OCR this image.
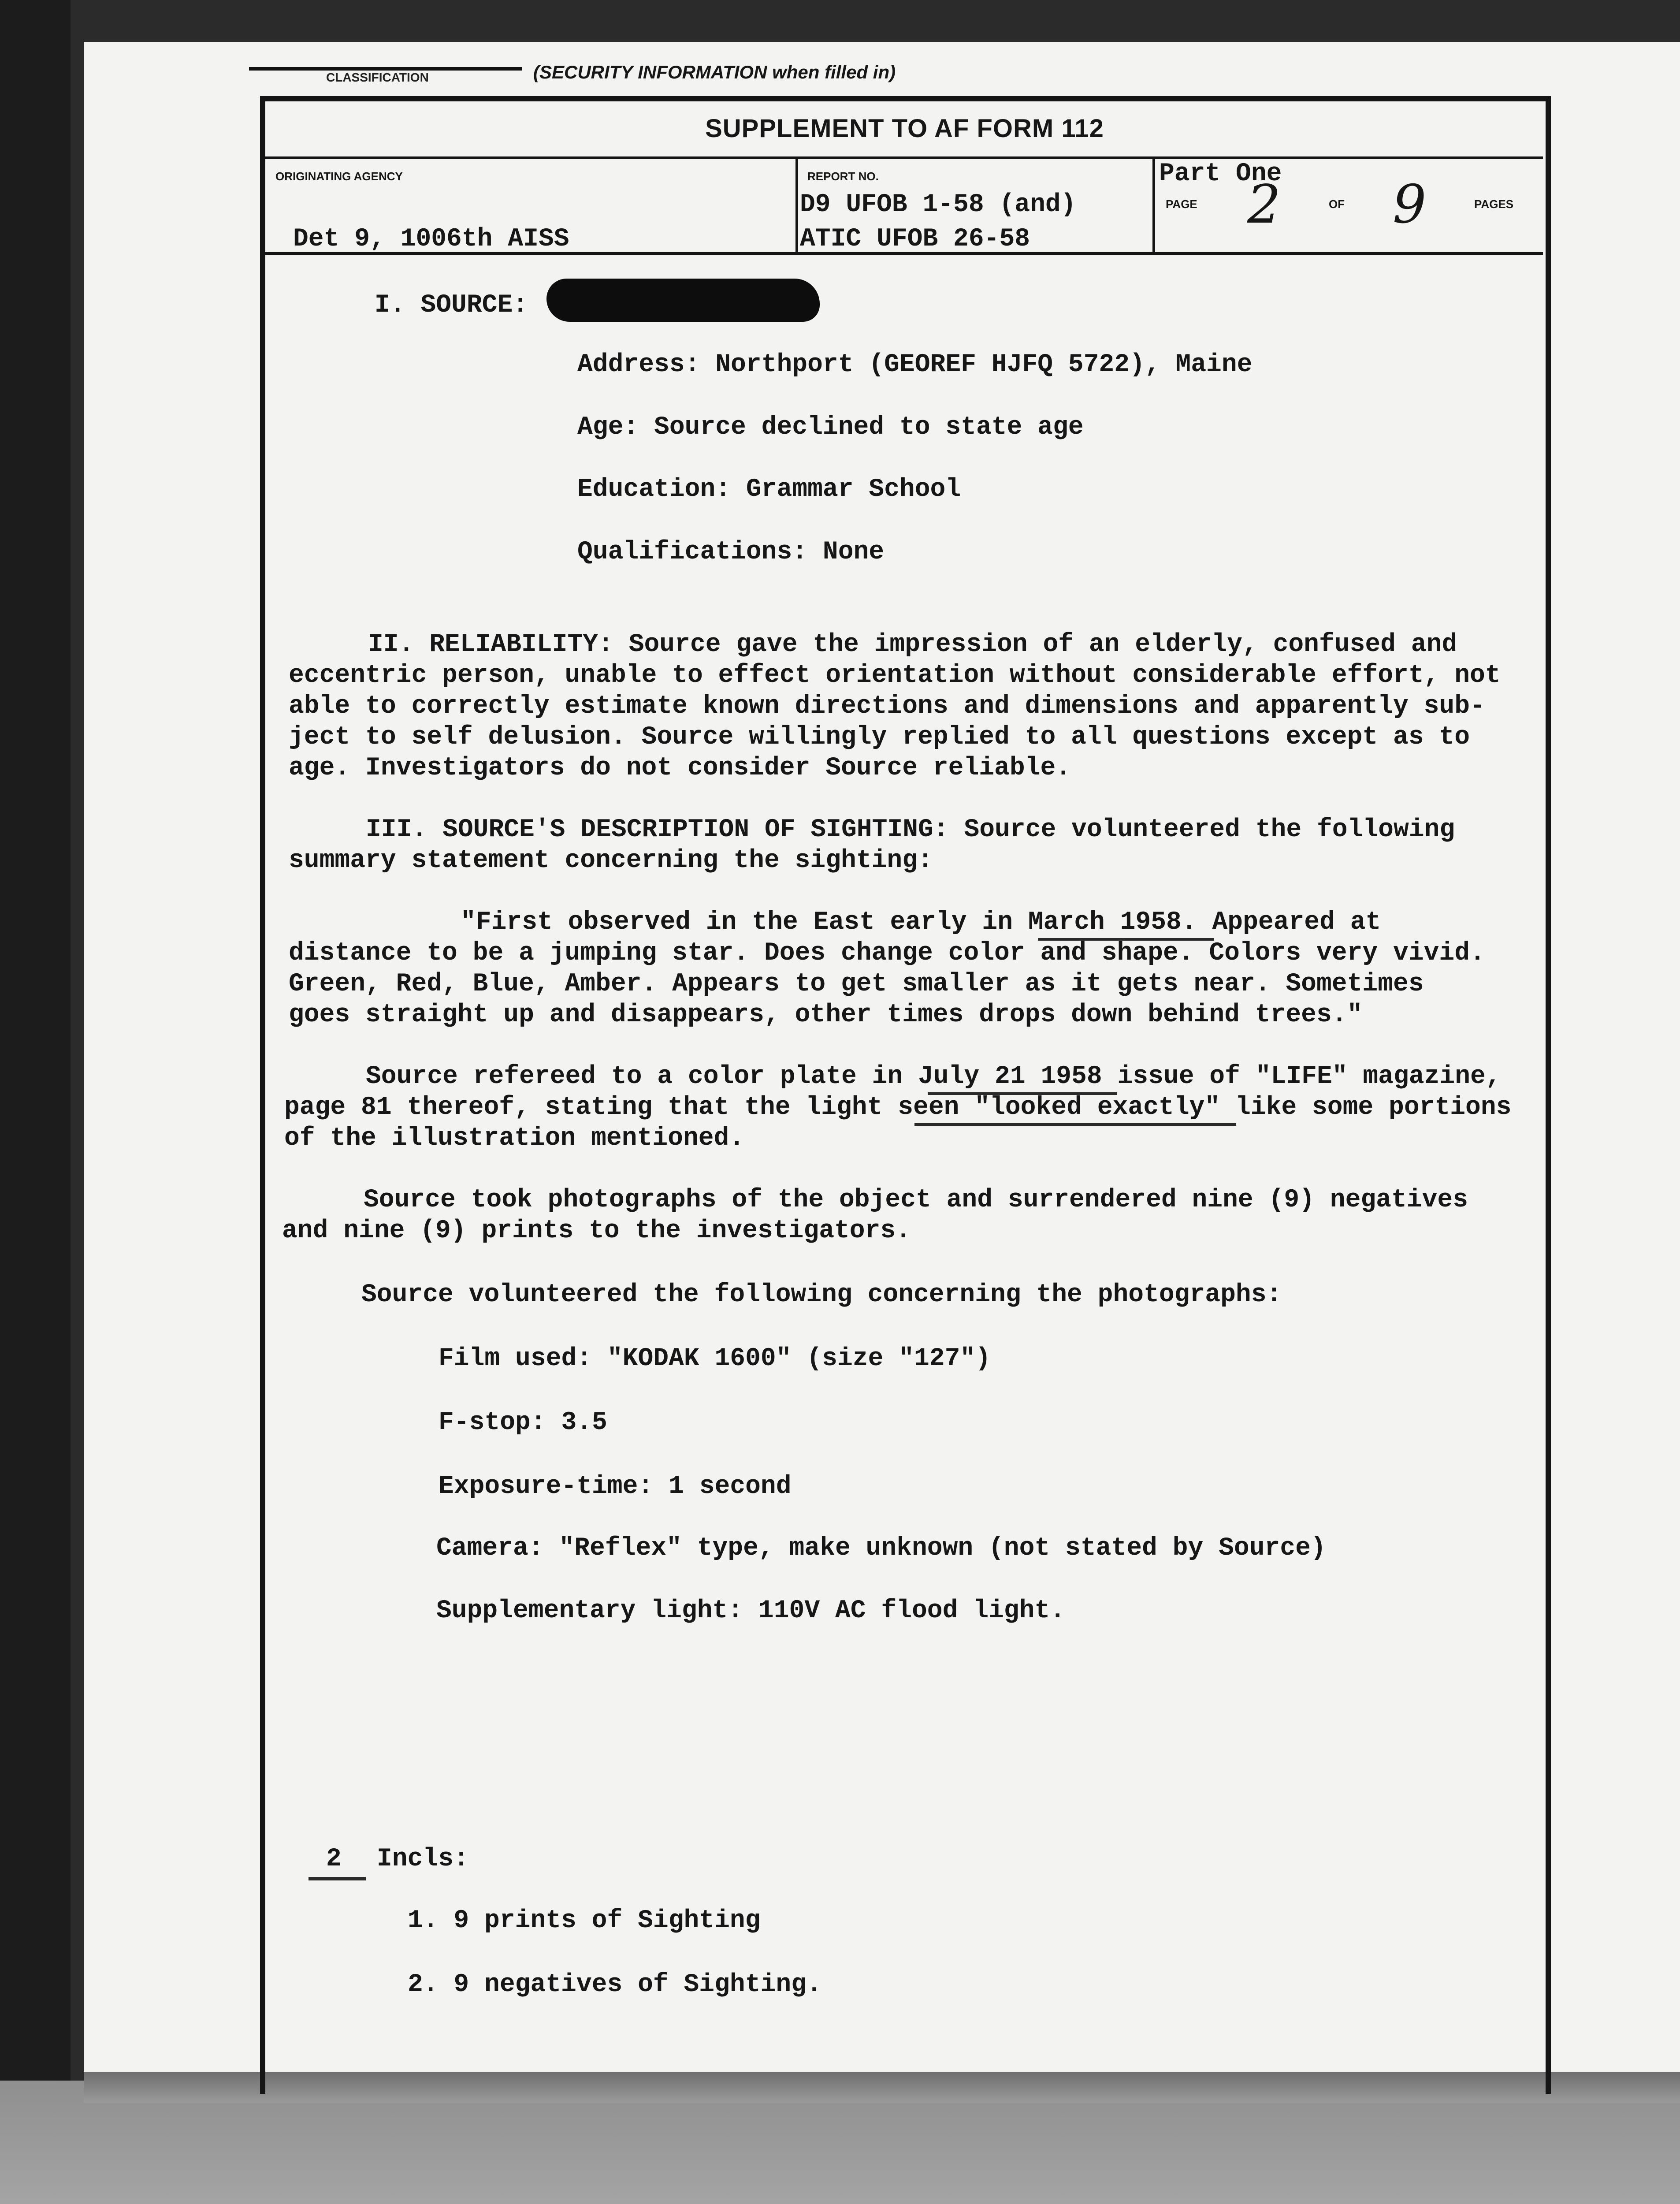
CLASSIFICATION	(SECURITY INFORMATION when filled in)
SUPPLEMENT TO AF FORM 112
ORIGINATING AGENCY
Det 9, 1006th AISS
REPORT NO.
D9 UFOB 1-58 (and)
ATIC UFOB 26-58
Part One
PAGE 2	OF 9	PAGES
I. SOURCE:
Address: Northport (GEOREF HJFQ 5722), Maine
Age: Source declined to state age
Education: Grammar School
Qualifications: None
II. RELIABILITY: Source gave the impression of an elderly, confused and
eccentric person, unable to effect orientation without considerable effort, not
able to correctly estimate known directions and dimensions and apparently sub-
ject to self delusion. Source willingly replied to all questions except as to
age. Investigators do not consider Source reliable.
III. SOURCE'S DESCRIPTION OF SIGHTING: Source volunteered the following
summary statement concerning the sighting:
"First observed in the East early in March 1958. Appeared at
distance to be a jumping star. Does change color and shape. Colors very vivid.
Green, Red, Blue, Amber. Appears to get smaller as it gets near. Sometimes
goes straight up and disappears, other times drops down behind trees."
Source refereed to a color plate in July 21 1958 issue of "LIFE" magazine,
page 81 thereof, stating that the light seen "looked exactly" like some portions
of the illustration mentioned.
Source took photographs of the object and surrendered nine (9) negatives
and nine (9) prints to the investigators.
Source volunteered the following concerning the photographs:
Film used: "KODAK 1600" (size "127")
F-stop: 3.5
Exposure-time: 1 second
Camera: "Reflex" type, make unknown (not stated by Source)
Supplementary light: 110V AC flood light.
2 Incls:
1. 9 prints of Sighting
2. 9 negatives of Sighting.
